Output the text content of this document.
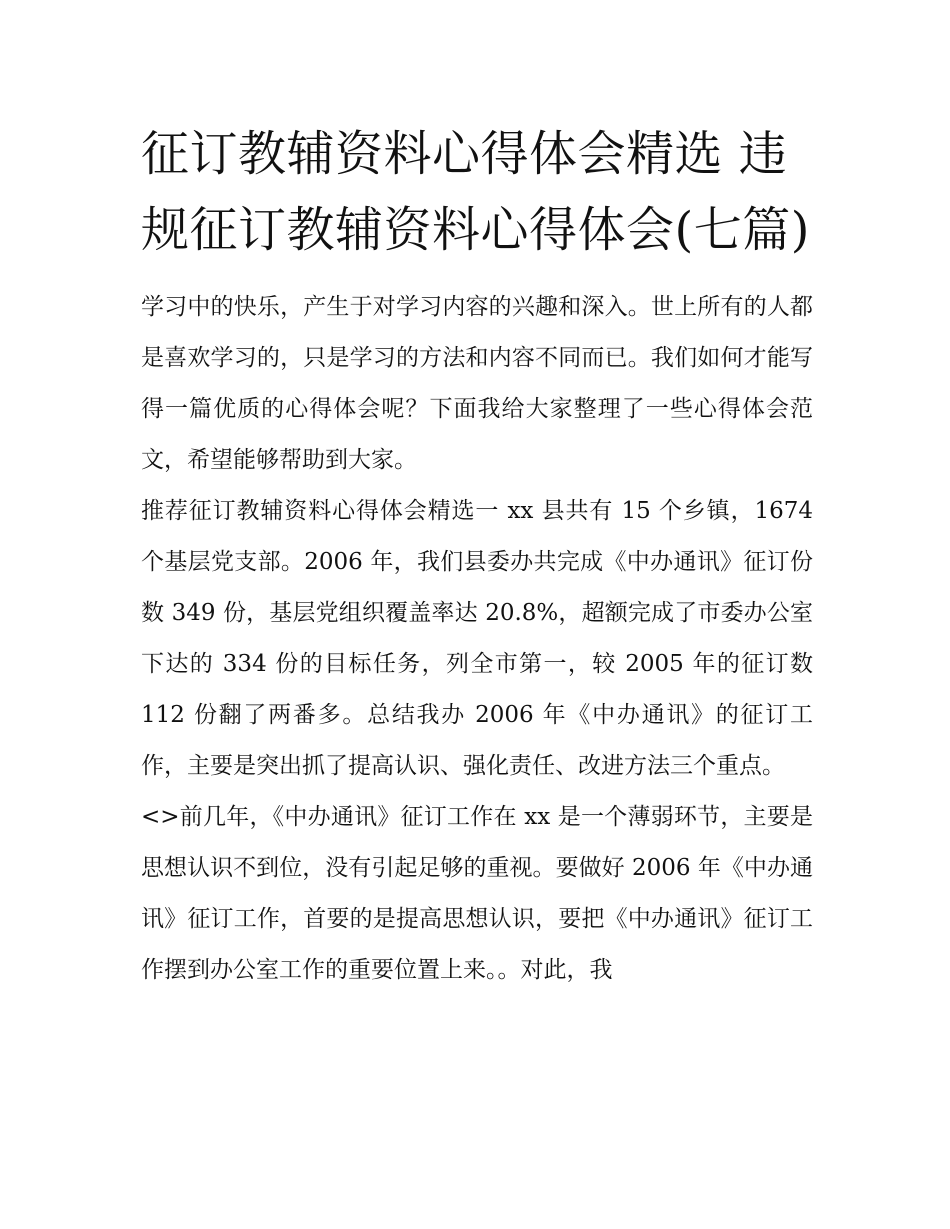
征订教辅资料心得体会精选 违规征订教辅资料心得体会(七篇)

学习中的快乐，产生于对学习内容的兴趣和深入。世上所有的人都是喜欢学习的，只是学习的方法和内容不同而已。我们如何才能写得一篇优质的心得体会呢？下面我给大家整理了一些心得体会范文，希望能够帮助到大家。

推荐征订教辅资料心得体会精选一 xx 县共有 15 个乡镇，1674 个基层党支部。2006 年，我们县委办共完成《中办通讯》征订份数 349 份，基层党组织覆盖率达 20.8%，超额完成了市委办公室下达的 334 份的目标任务，列全市第一，较 2005 年的征订数 112 份翻了两番多。总结我办 2006 年《中办通讯》的征订工作，主要是突出抓了提高认识、强化责任、改进方法三个重点。

<>前几年，《中办通讯》征订工作在 xx 是一个薄弱环节，主要是思想认识不到位，没有引起足够的重视。要做好 2006 年《中办通讯》征订工作，首要的是提高思想认识，要把《中办通讯》征订工作摆到办公室工作的重要位置上来。。对此，我
